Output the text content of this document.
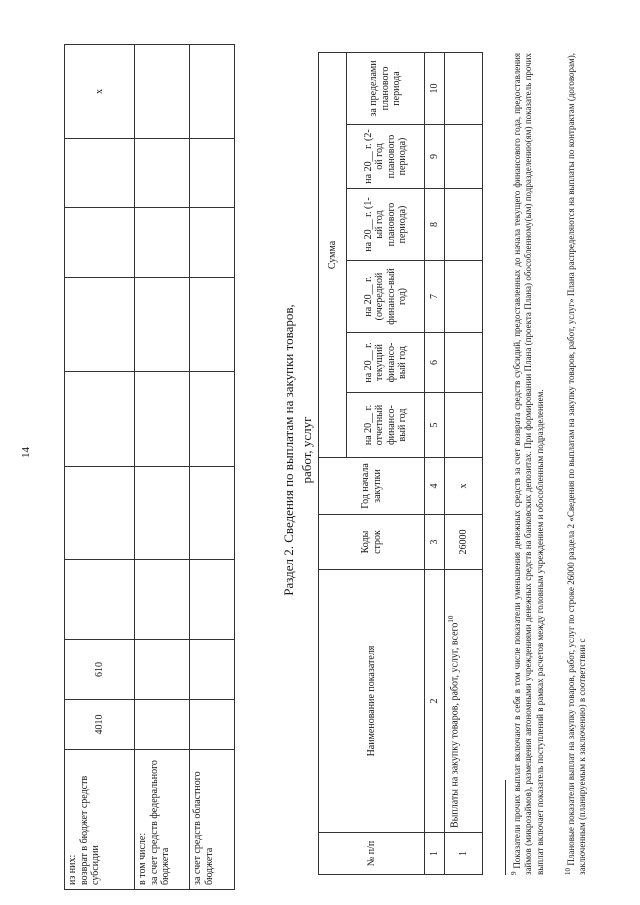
14
из них:
возврат в бюджет средств субсидии	4010	610							x
в том числе:
за счет средств федерального бюджета									
за счет средств областного бюджета									
Раздел 2. Сведения по выплатам на закупки товаров, работ, услуг
№ п/п	Наименование показателя	Коды строк	Год начала закупки	Сумма					
				на 20__ г. отчетный финансо-вый год	на 20__ г. текущий финансо-вый год	на 20__ г. (очередной финансо-вый год)	на 20__ г. (1-ый год планового периода)	на 20__ г. (2-ой год планового периода)	за пределами планового периода
1	2	3	4	5	6	7	8	9	10
1	Выплаты на закупку товаров, работ, услуг, всего$^{10}$	26000	x						
$^9$ Показатели прочих выплат включают в себя в том числе показатели уменьшения денежных средств за счет возврата средств субсидий, предоставленных до начала текущего финансового года, предоставления займов (микрозаймов), размещения автономными учреждениями денежных средств на банковских депозитах. При формировании Плана (проекта Плана) обособленному(ым) подразделению(ям) показатель прочих выплат включает показатель поступлений в рамках расчетов между головным учреждением и обособленным подразделением.	$^{10}$ Плановые показатели выплат на закупку товаров, работ, услуг по строке 26000 раздела 2 «Сведения по выплатам на закупку товаров, работ, услуг» Плана распределяются на выплаты по контрактам (договорам), заключенным (планируемым к заключению) в соответствии с
